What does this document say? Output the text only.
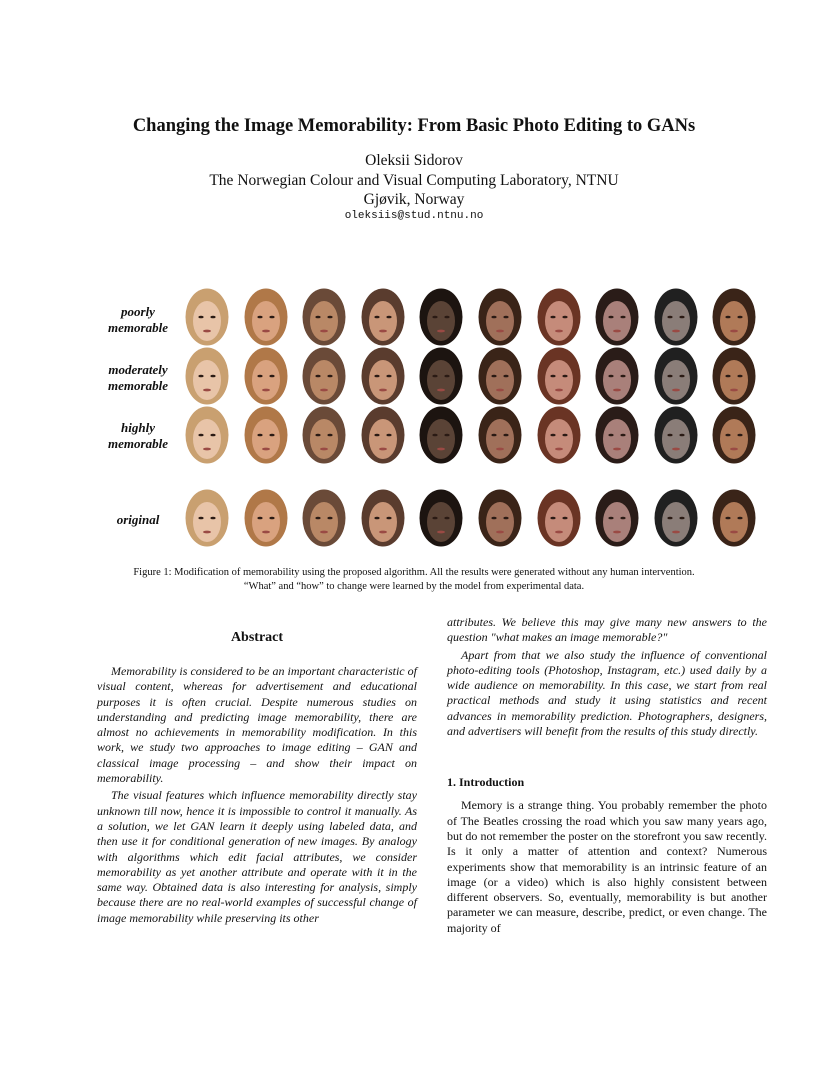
Changing the Image Memorability: From Basic Photo Editing to GANs
Oleksii Sidorov
The Norwegian Colour and Visual Computing Laboratory, NTNU
Gjøvik, Norway
oleksiis@stud.ntnu.no
poorly
memorable
moderately
memorable
highly
memorable
original
Figure 1: Modification of memorability using the proposed algorithm. All the results were generated without any human intervention.
“What” and “how” to change were learned by the model from experimental data.
Abstract

Memorability is considered to be an important characteristic of visual content, whereas for advertisement and educational purposes it is often crucial. Despite numerous studies on understanding and predicting image memorability, there are almost no achievements in memorability modification. In this work, we study two approaches to image editing – GAN and classical image processing – and show their impact on memorability.

The visual features which influence memorability directly stay unknown till now, hence it is impossible to control it manually. As a solution, we let GAN learn it deeply using labeled data, and then use it for conditional generation of new images. By analogy with algorithms which edit facial attributes, we consider memorability as yet another attribute and operate with it in the same way. Obtained data is also interesting for analysis, simply because there are no real-world examples of successful change of image memorability while preserving its other

attributes. We believe this may give many new answers to the question "what makes an image memorable?"

Apart from that we also study the influence of conventional photo-editing tools (Photoshop, Instagram, etc.) used daily by a wide audience on memorability. In this case, we start from real practical methods and study it using statistics and recent advances in memorability prediction. Photographers, designers, and advertisers will benefit from the results of this study directly.

1. Introduction

Memory is a strange thing. You probably remember the photo of The Beatles crossing the road which you saw many years ago, but do not remember the poster on the storefront you saw recently. Is it only a matter of attention and context? Numerous experiments show that memorability is an intrinsic feature of an image (or a video) which is also highly consistent between different observers. So, eventually, memorability is but another parameter we can measure, describe, predict, or even change. The majority of
